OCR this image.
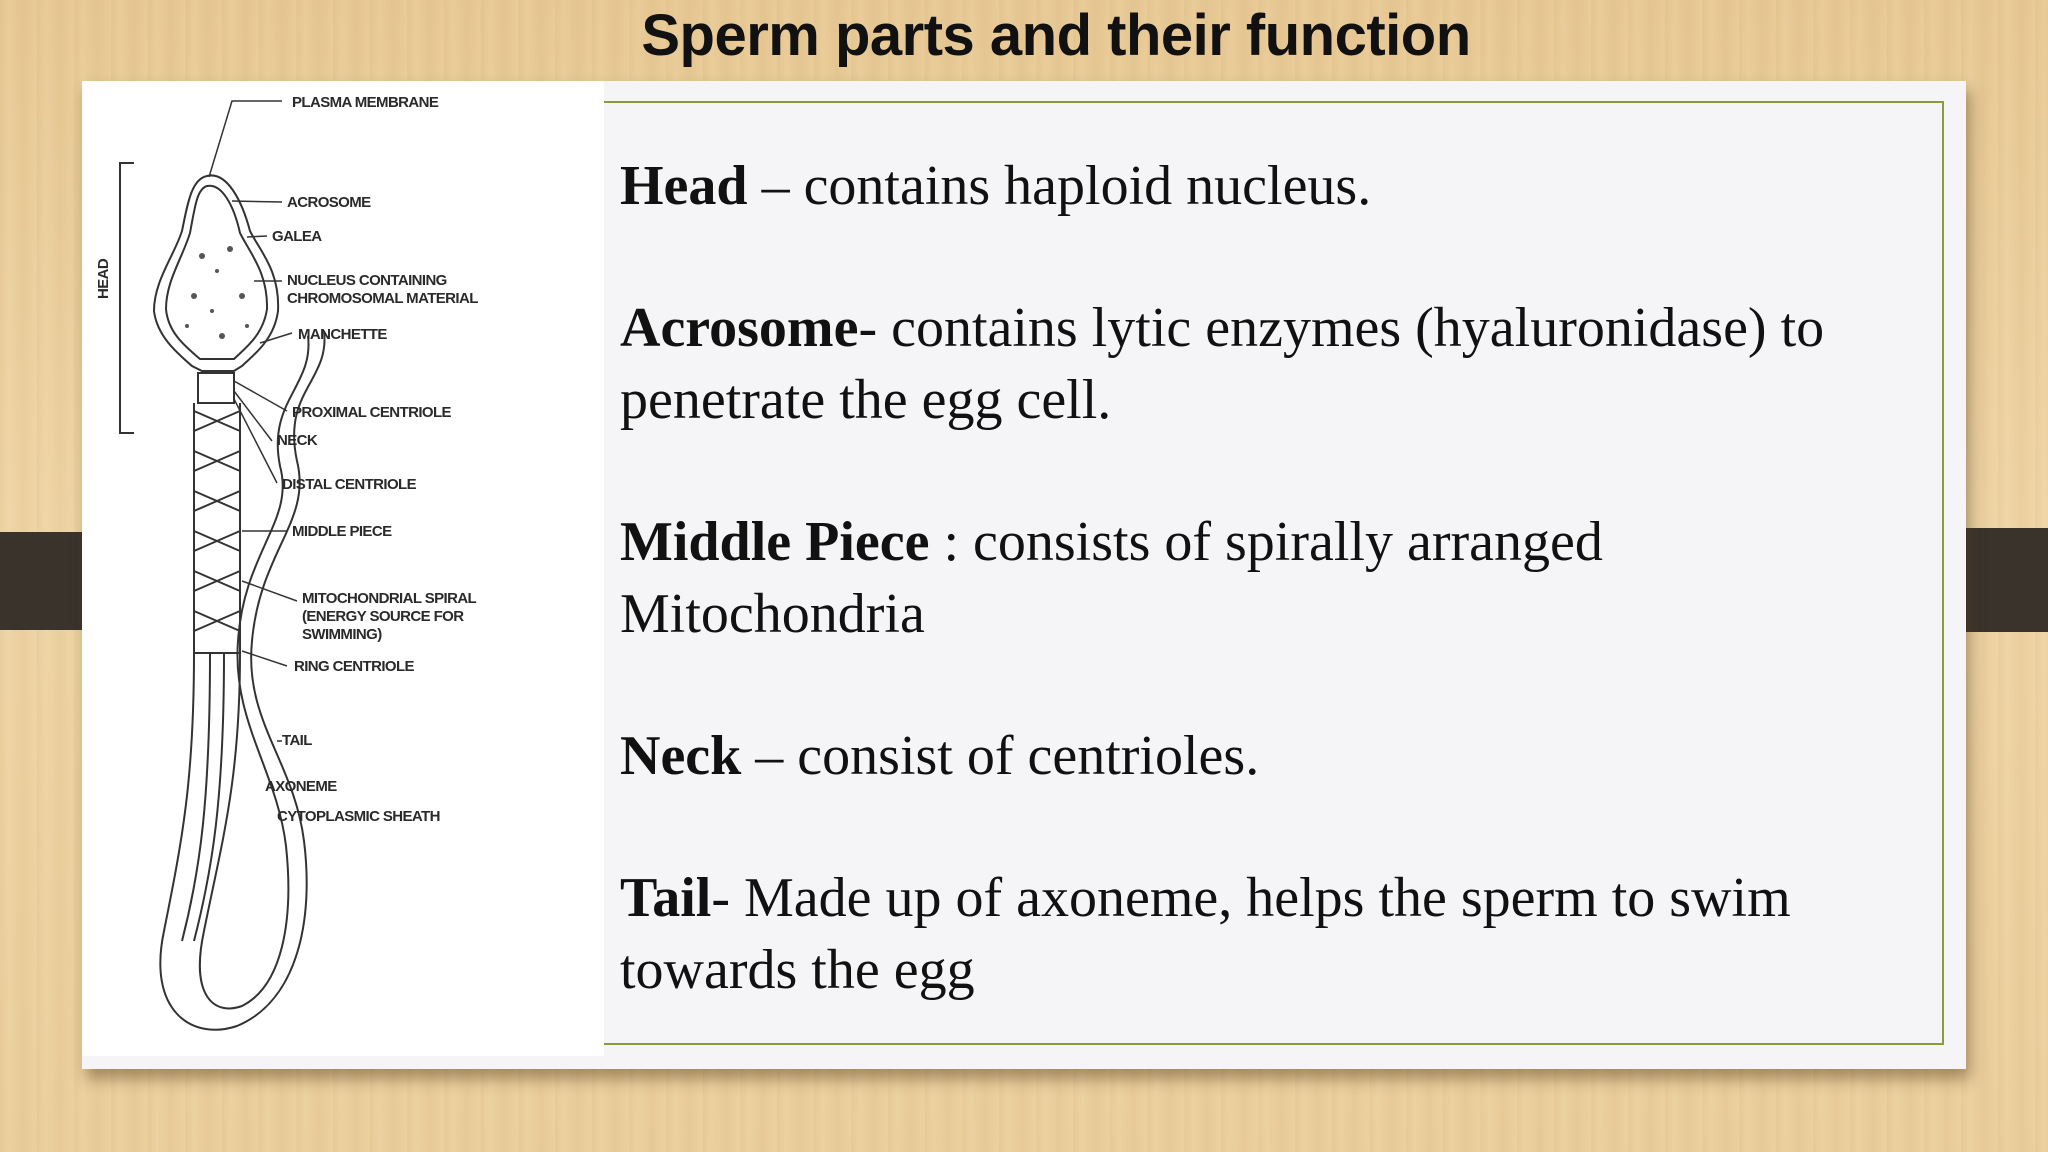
Sperm parts and their function
PLASMA MEMBRANE
HEAD
ACROSOME
GALEA
NUCLEUS CONTAINING
CHROMOSOMAL MATERIAL
MANCHETTE
PROXIMAL CENTRIOLE
NECK
DISTAL CENTRIOLE
MIDDLE PIECE
MITOCHONDRIAL SPIRAL
(ENERGY SOURCE FOR
SWIMMING)
RING CENTRIOLE
TAIL
AXONEME
CYTOPLASMIC SHEATH

Head – contains haploid nucleus.

Acrosome- contains lytic enzymes (hyaluronidase) to penetrate the egg cell.

Middle Piece : consists of spirally arranged Mitochondria

Neck – consist of centrioles.

Tail- Made up of axoneme, helps the sperm to swim towards the egg
